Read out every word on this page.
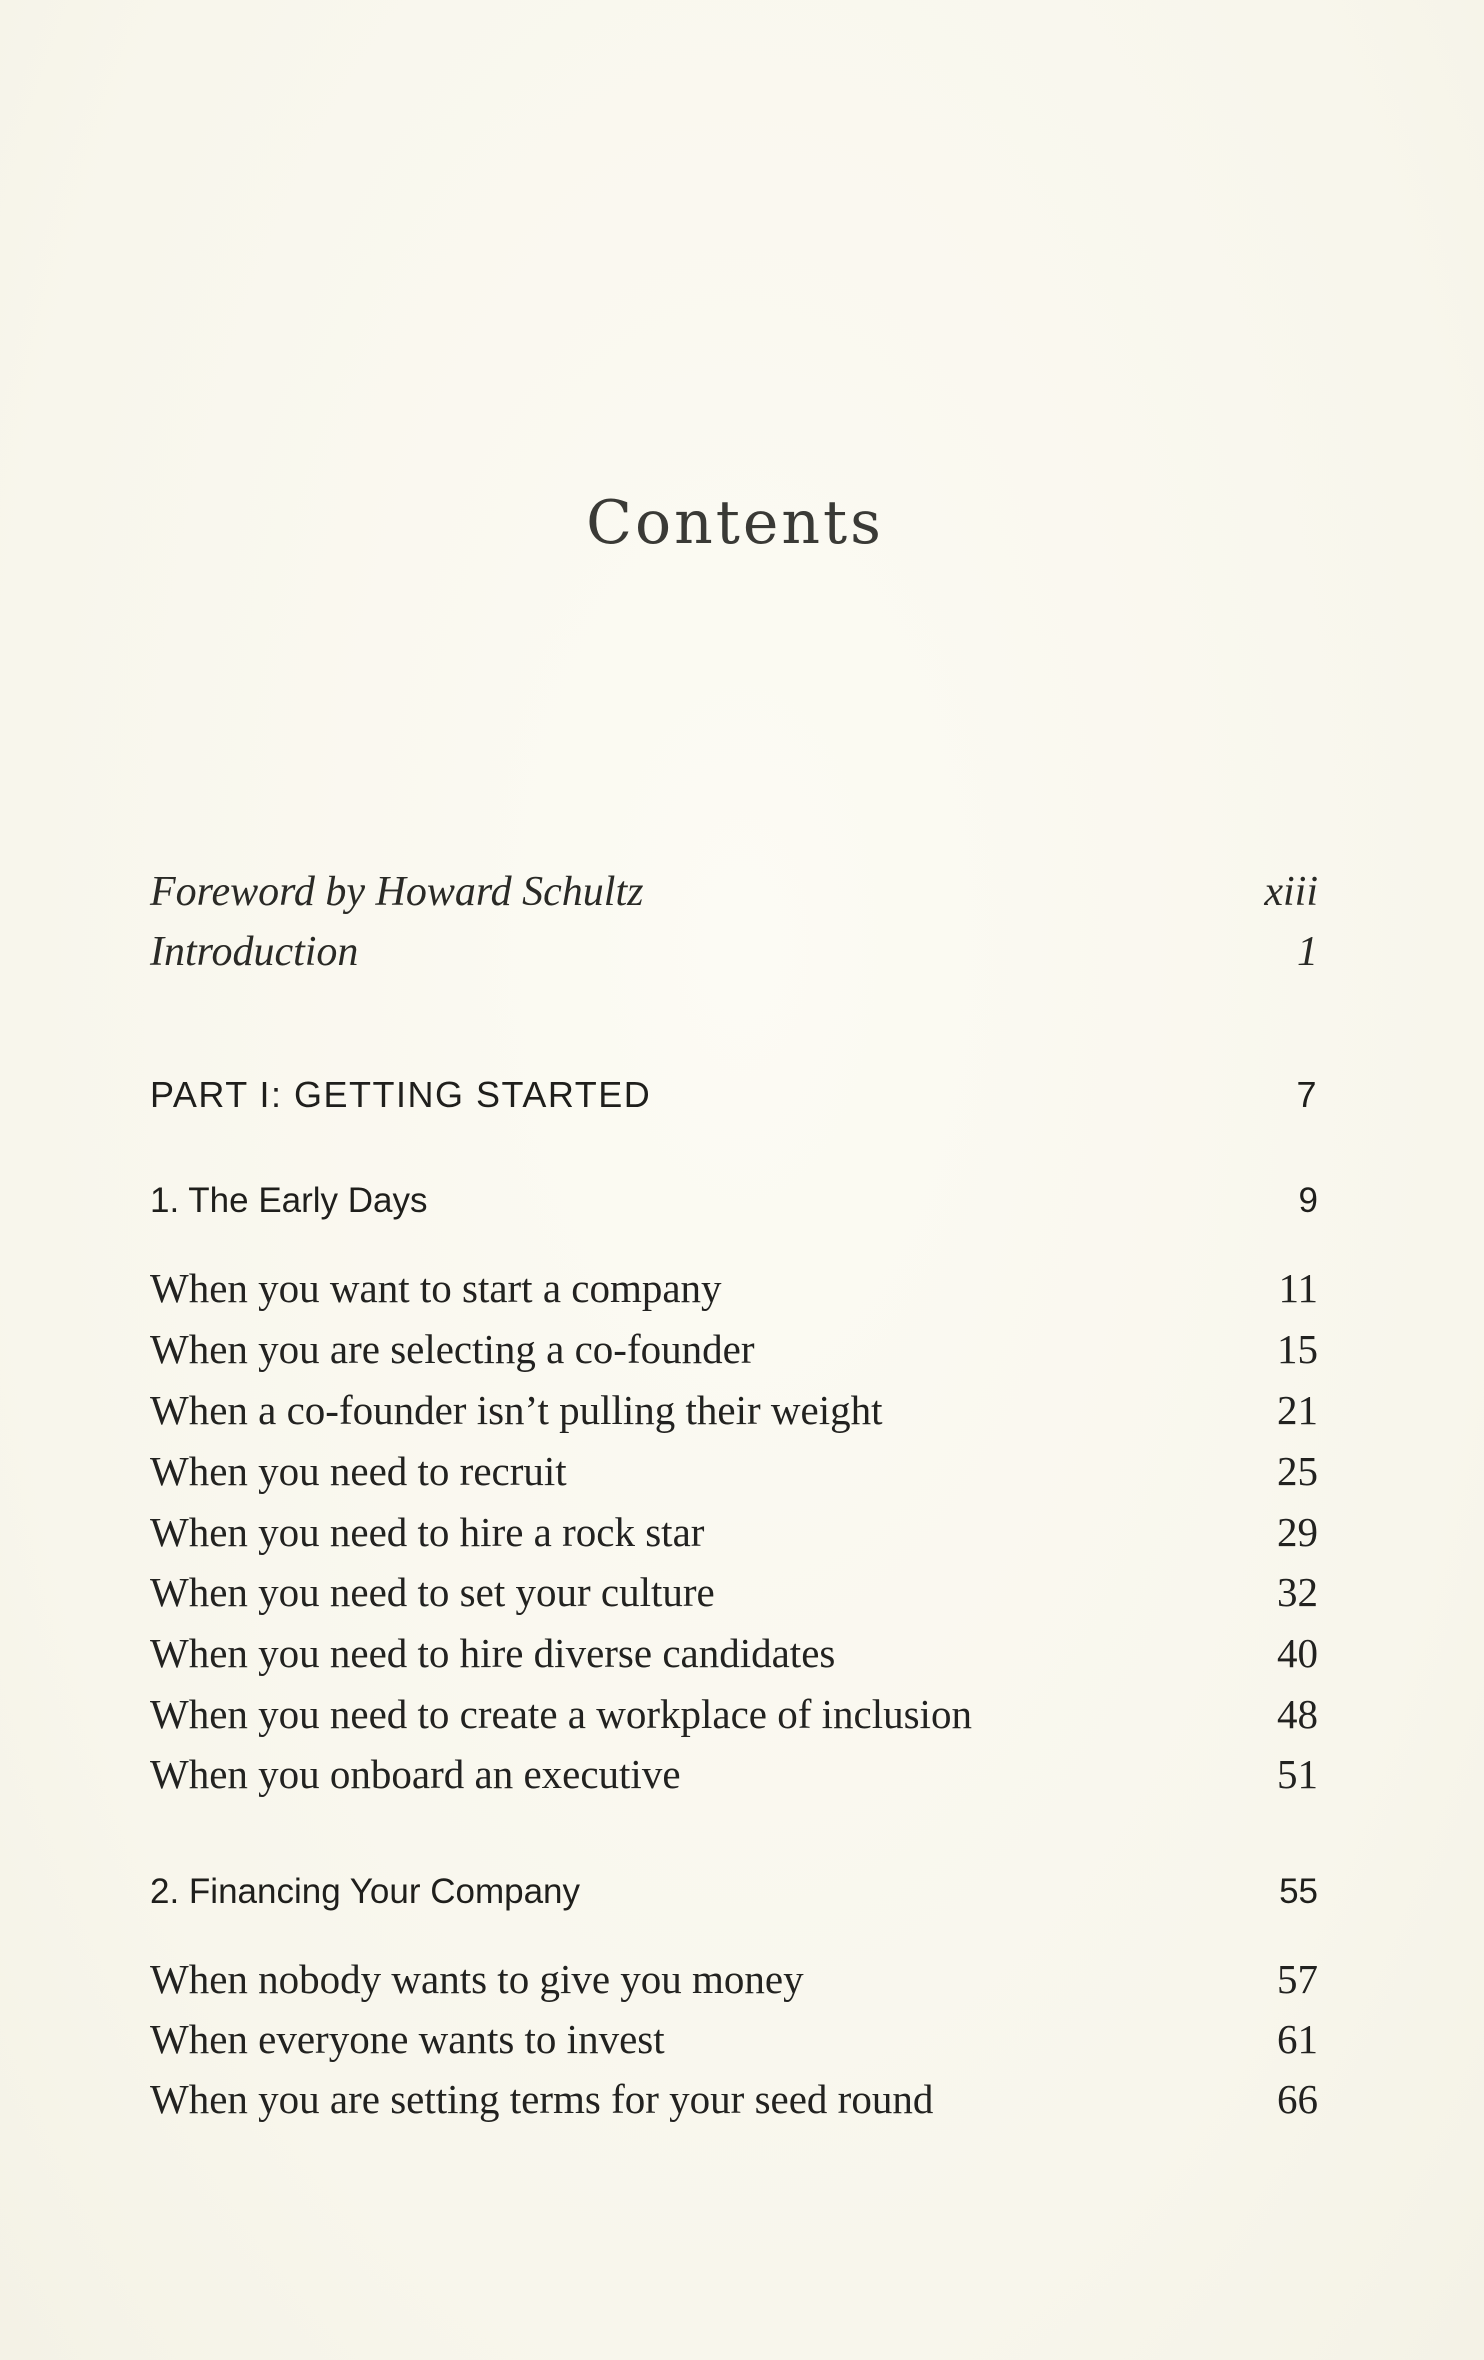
Contents
Foreword by Howard Schultz	xiii
Introduction	1
PART I: GETTING STARTED	7
1. The Early Days	9
When you want to start a company	11
When you are selecting a co-founder	15
When a co-founder isn’t pulling their weight	21
When you need to recruit	25
When you need to hire a rock star	29
When you need to set your culture	32
When you need to hire diverse candidates	40
When you need to create a workplace of inclusion	48
When you onboard an executive	51
2. Financing Your Company	55
When nobody wants to give you money	57
When everyone wants to invest	61
When you are setting terms for your seed round	66
